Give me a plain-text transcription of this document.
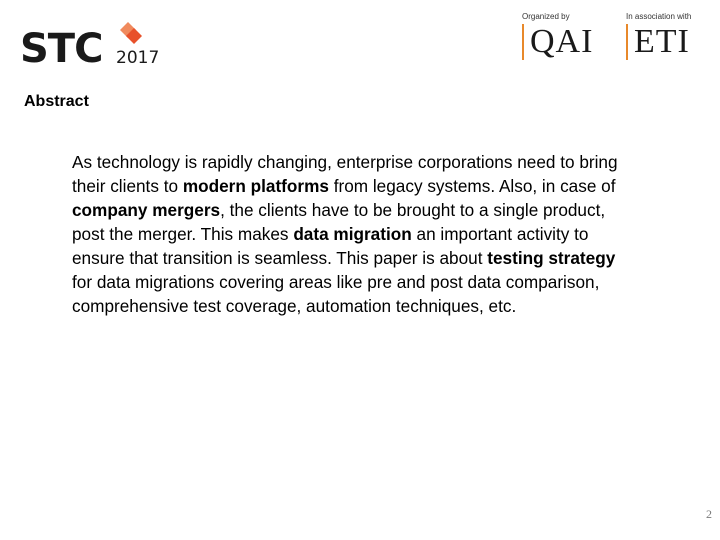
STC 2017
Organized by
QAI
In association with
ETI
Abstract

As technology is rapidly changing, enterprise corporations need to bring their clients to modern platforms from legacy systems. Also, in case of company mergers, the clients have to be brought to a single product, post the merger. This makes data migration an important activity to ensure that transition is seamless. This paper is about testing strategy for data migrations covering areas like pre and post data comparison, comprehensive test coverage, automation techniques, etc.

2
